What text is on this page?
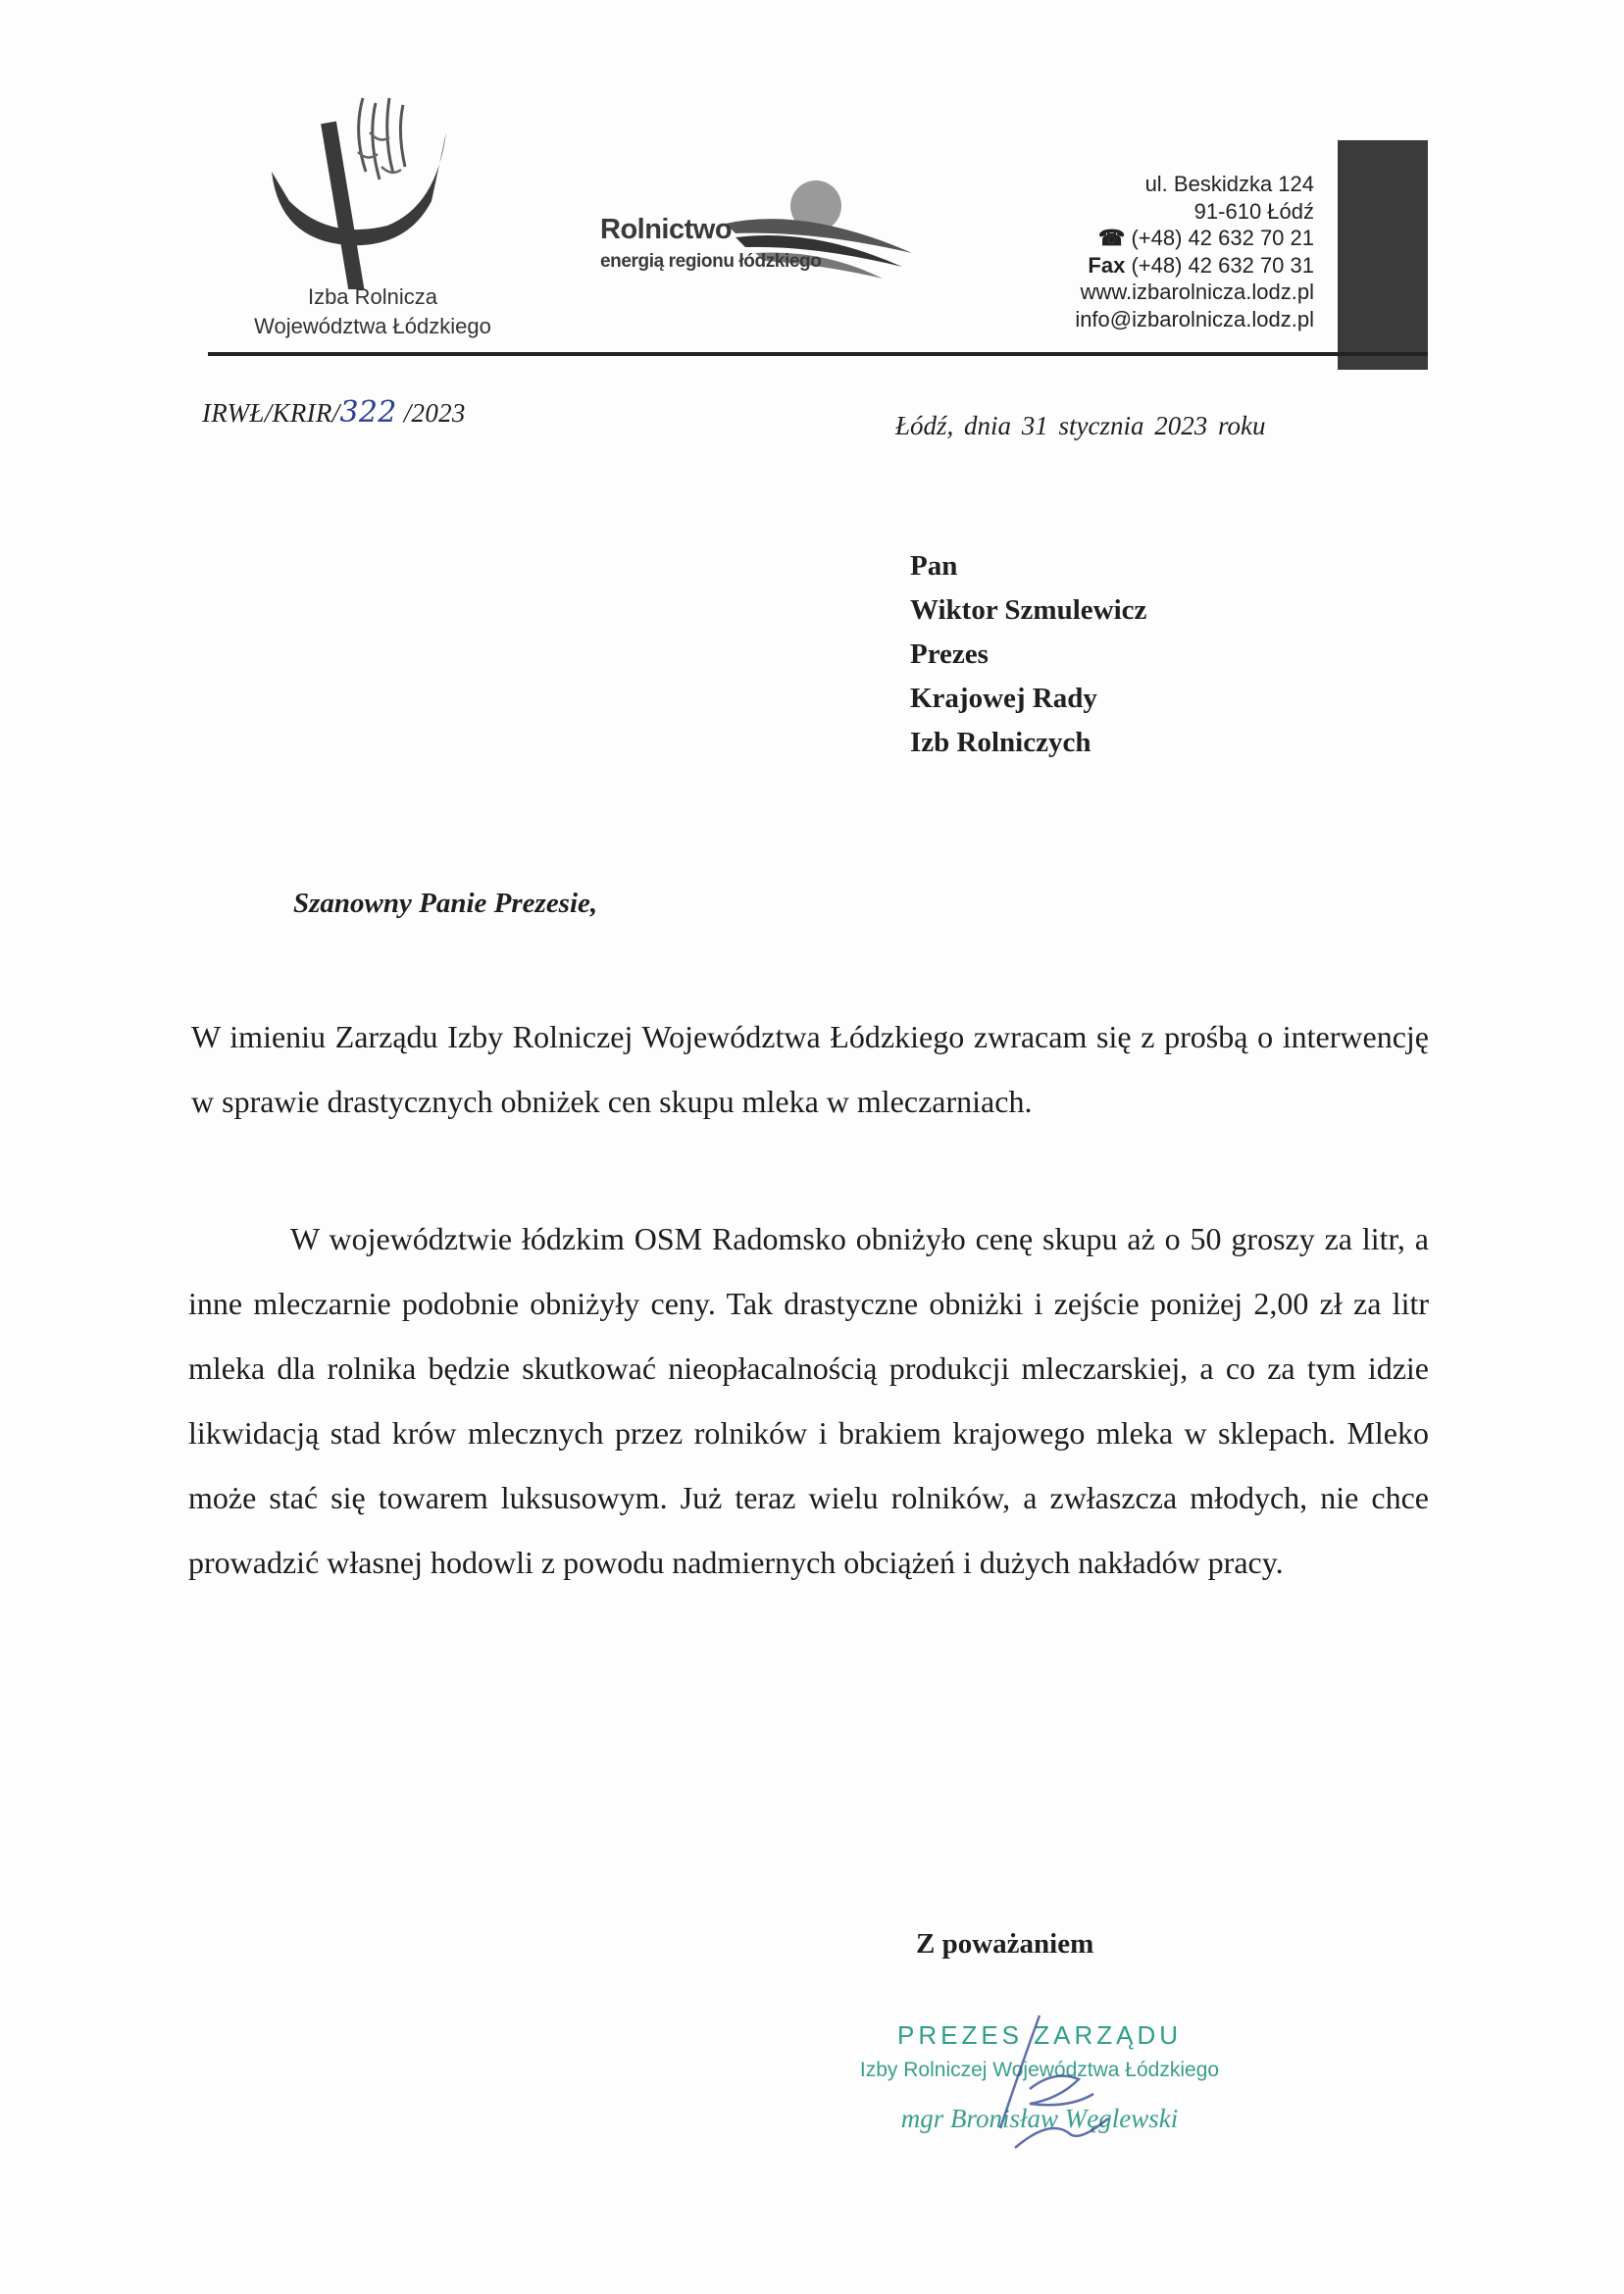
Izba Rolnicza
Województwa Łódzkiego
Rolnictwo
energią regionu łódzkiego
ul. Beskidzka 124
91-610 Łódź
☎ (+48) 42 632 70 21
Fax (+48) 42 632 70 31
www.izbarolnicza.lodz.pl
info@izbarolnicza.lodz.pl
IRWŁ/KRIR/322 /2023	Łódź, dnia 31 stycznia 2023 roku
Pan
Wiktor Szmulewicz
Prezes
Krajowej Rady
Izb Rolniczych
Szanowny Panie Prezesie,
W imieniu Zarządu Izby Rolniczej Województwa Łódzkiego zwracam się z prośbą o interwencję w sprawie drastycznych obniżek cen skupu mleka w mleczarniach.
W województwie łódzkim OSM Radomsko obniżyło cenę skupu aż o 50 groszy za litr, a inne mleczarnie podobnie obniżyły ceny. Tak drastyczne obniżki i zejście poniżej 2,00 zł za litr mleka dla rolnika będzie skutkować nieopłacalnością produkcji mleczarskiej, a co za tym idzie likwidacją stad krów mlecznych przez rolników i brakiem krajowego mleka w sklepach. Mleko może stać się towarem luksusowym. Już teraz wielu rolników, a zwłaszcza młodych, nie chce prowadzić własnej hodowli z powodu nadmiernych obciążeń i dużych nakładów pracy.
Z poważaniem
PREZES ZARZĄDU
Izby Rolniczej Województwa Łódzkiego
mgr Bronisław Węglewski
